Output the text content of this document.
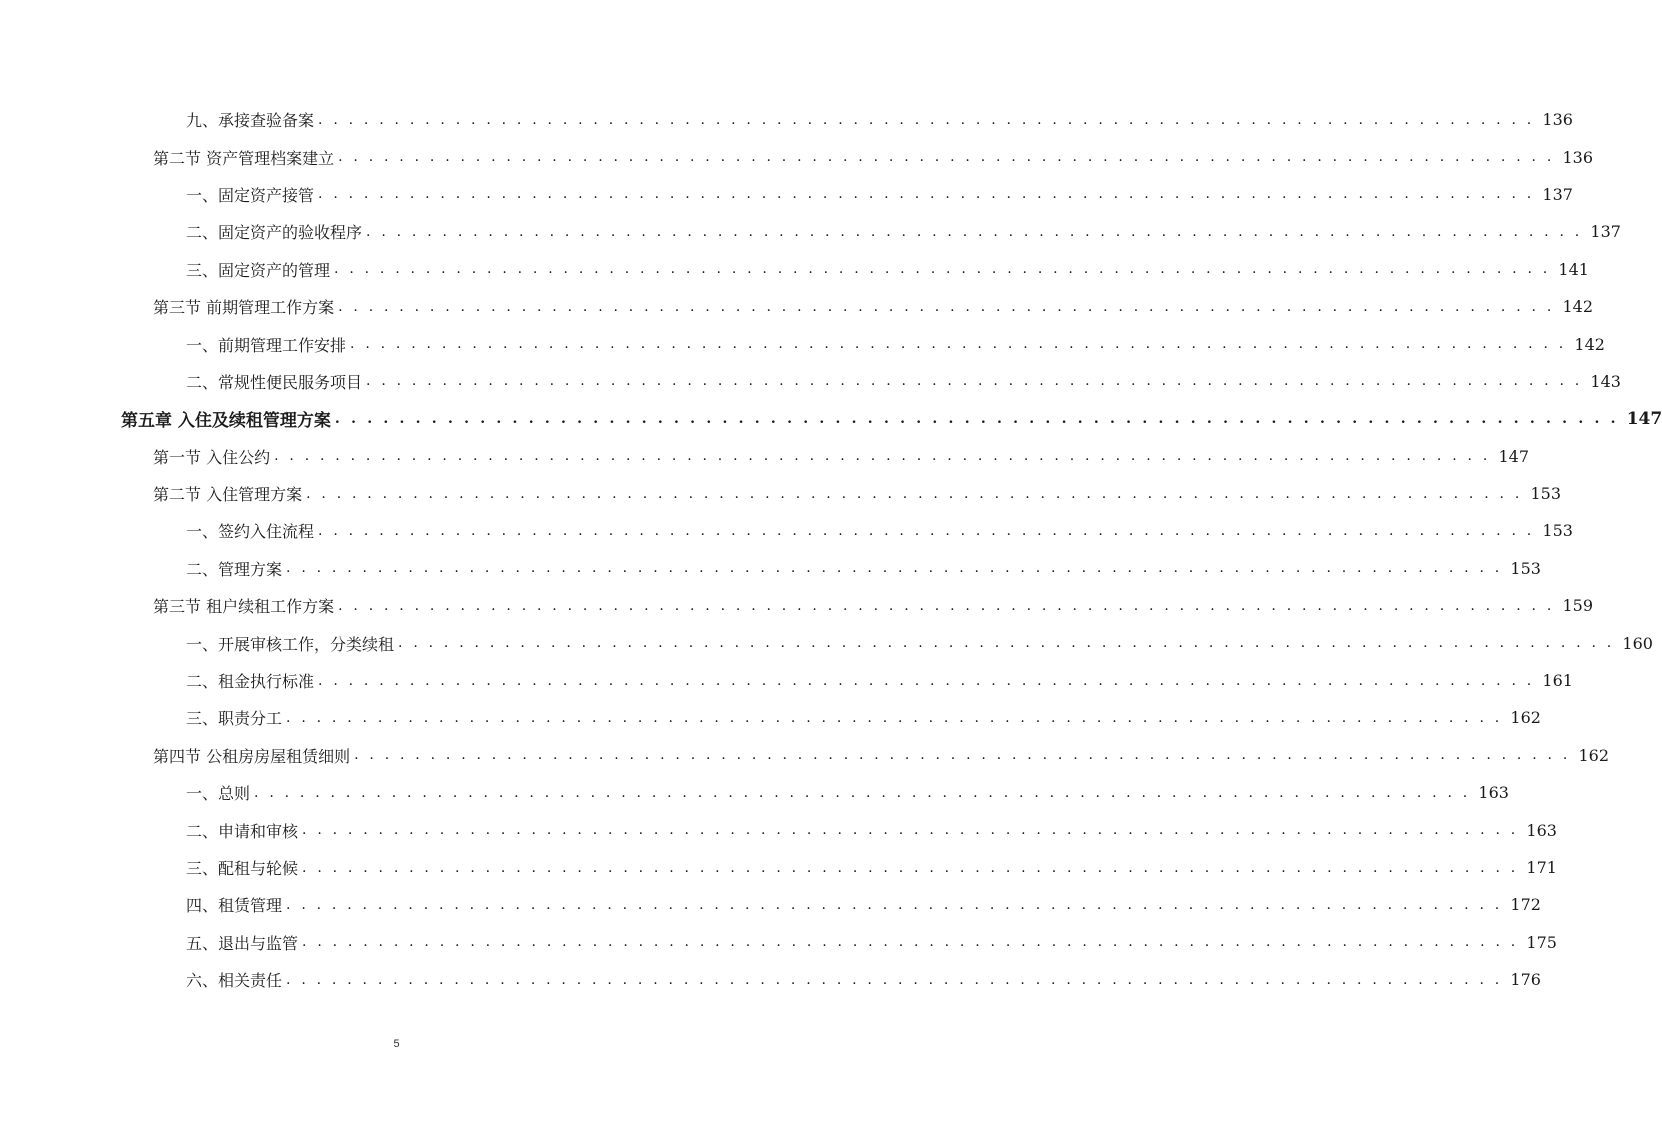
九、承接查验备案 . . . . . . . . . . . . . . . . . . . . . . . . . . . . . . . . . . . . . . . . . . . . . . . . . . . . . . . . . . . . . . . . . . . . . . . . . . . . . . . . 136
第二节 资产管理档案建立 . . . . . . . . . . . . . . . . . . . . . . . . . . . . . . . . . . . . . . . . . . . . . . . . . . . . . . . . . . . . . . . . . . . . . . . . . . . . . . . . 136
一、固定资产接管 . . . . . . . . . . . . . . . . . . . . . . . . . . . . . . . . . . . . . . . . . . . . . . . . . . . . . . . . . . . . . . . . . . . . . . . . . . . . . . . . 137
二、固定资产的验收程序 . . . . . . . . . . . . . . . . . . . . . . . . . . . . . . . . . . . . . . . . . . . . . . . . . . . . . . . . . . . . . . . . . . . . . . . . . . . . . . . . 137
三、固定资产的管理 . . . . . . . . . . . . . . . . . . . . . . . . . . . . . . . . . . . . . . . . . . . . . . . . . . . . . . . . . . . . . . . . . . . . . . . . . . . . . . . . 141
第三节 前期管理工作方案 . . . . . . . . . . . . . . . . . . . . . . . . . . . . . . . . . . . . . . . . . . . . . . . . . . . . . . . . . . . . . . . . . . . . . . . . . . . . . . . . 142
一、前期管理工作安排 . . . . . . . . . . . . . . . . . . . . . . . . . . . . . . . . . . . . . . . . . . . . . . . . . . . . . . . . . . . . . . . . . . . . . . . . . . . . . . . . 142
二、常规性便民服务项目 . . . . . . . . . . . . . . . . . . . . . . . . . . . . . . . . . . . . . . . . . . . . . . . . . . . . . . . . . . . . . . . . . . . . . . . . . . . . . . . . 143
第五章 入住及续租管理方案 . . . . . . . . . . . . . . . . . . . . . . . . . . . . . . . . . . . . . . . . . . . . . . . . . . . . . . . . . . . . . . . . . . . . . . . . . . . . . . . . 147
第一节 入住公约 . . . . . . . . . . . . . . . . . . . . . . . . . . . . . . . . . . . . . . . . . . . . . . . . . . . . . . . . . . . . . . . . . . . . . . . . . . . . . . . . 147
第二节 入住管理方案 . . . . . . . . . . . . . . . . . . . . . . . . . . . . . . . . . . . . . . . . . . . . . . . . . . . . . . . . . . . . . . . . . . . . . . . . . . . . . . . . 153
一、签约入住流程 . . . . . . . . . . . . . . . . . . . . . . . . . . . . . . . . . . . . . . . . . . . . . . . . . . . . . . . . . . . . . . . . . . . . . . . . . . . . . . . . 153
二、管理方案 . . . . . . . . . . . . . . . . . . . . . . . . . . . . . . . . . . . . . . . . . . . . . . . . . . . . . . . . . . . . . . . . . . . . . . . . . . . . . . . . 153
第三节 租户续租工作方案 . . . . . . . . . . . . . . . . . . . . . . . . . . . . . . . . . . . . . . . . . . . . . . . . . . . . . . . . . . . . . . . . . . . . . . . . . . . . . . . . 159
一、开展审核工作，分类续租 . . . . . . . . . . . . . . . . . . . . . . . . . . . . . . . . . . . . . . . . . . . . . . . . . . . . . . . . . . . . . . . . . . . . . . . . . . . . . . . . 160
二、租金执行标准 . . . . . . . . . . . . . . . . . . . . . . . . . . . . . . . . . . . . . . . . . . . . . . . . . . . . . . . . . . . . . . . . . . . . . . . . . . . . . . . . 161
三、职责分工 . . . . . . . . . . . . . . . . . . . . . . . . . . . . . . . . . . . . . . . . . . . . . . . . . . . . . . . . . . . . . . . . . . . . . . . . . . . . . . . . 162
第四节 公租房房屋租赁细则 . . . . . . . . . . . . . . . . . . . . . . . . . . . . . . . . . . . . . . . . . . . . . . . . . . . . . . . . . . . . . . . . . . . . . . . . . . . . . . . . 162
一、总则 . . . . . . . . . . . . . . . . . . . . . . . . . . . . . . . . . . . . . . . . . . . . . . . . . . . . . . . . . . . . . . . . . . . . . . . . . . . . . . . . 163
二、申请和审核 . . . . . . . . . . . . . . . . . . . . . . . . . . . . . . . . . . . . . . . . . . . . . . . . . . . . . . . . . . . . . . . . . . . . . . . . . . . . . . . . 163
三、配租与轮候 . . . . . . . . . . . . . . . . . . . . . . . . . . . . . . . . . . . . . . . . . . . . . . . . . . . . . . . . . . . . . . . . . . . . . . . . . . . . . . . . 171
四、租赁管理 . . . . . . . . . . . . . . . . . . . . . . . . . . . . . . . . . . . . . . . . . . . . . . . . . . . . . . . . . . . . . . . . . . . . . . . . . . . . . . . . 172
五、退出与监管 . . . . . . . . . . . . . . . . . . . . . . . . . . . . . . . . . . . . . . . . . . . . . . . . . . . . . . . . . . . . . . . . . . . . . . . . . . . . . . . . 175
六、相关责任 . . . . . . . . . . . . . . . . . . . . . . . . . . . . . . . . . . . . . . . . . . . . . . . . . . . . . . . . . . . . . . . . . . . . . . . . . . . . . . . . 176
5
